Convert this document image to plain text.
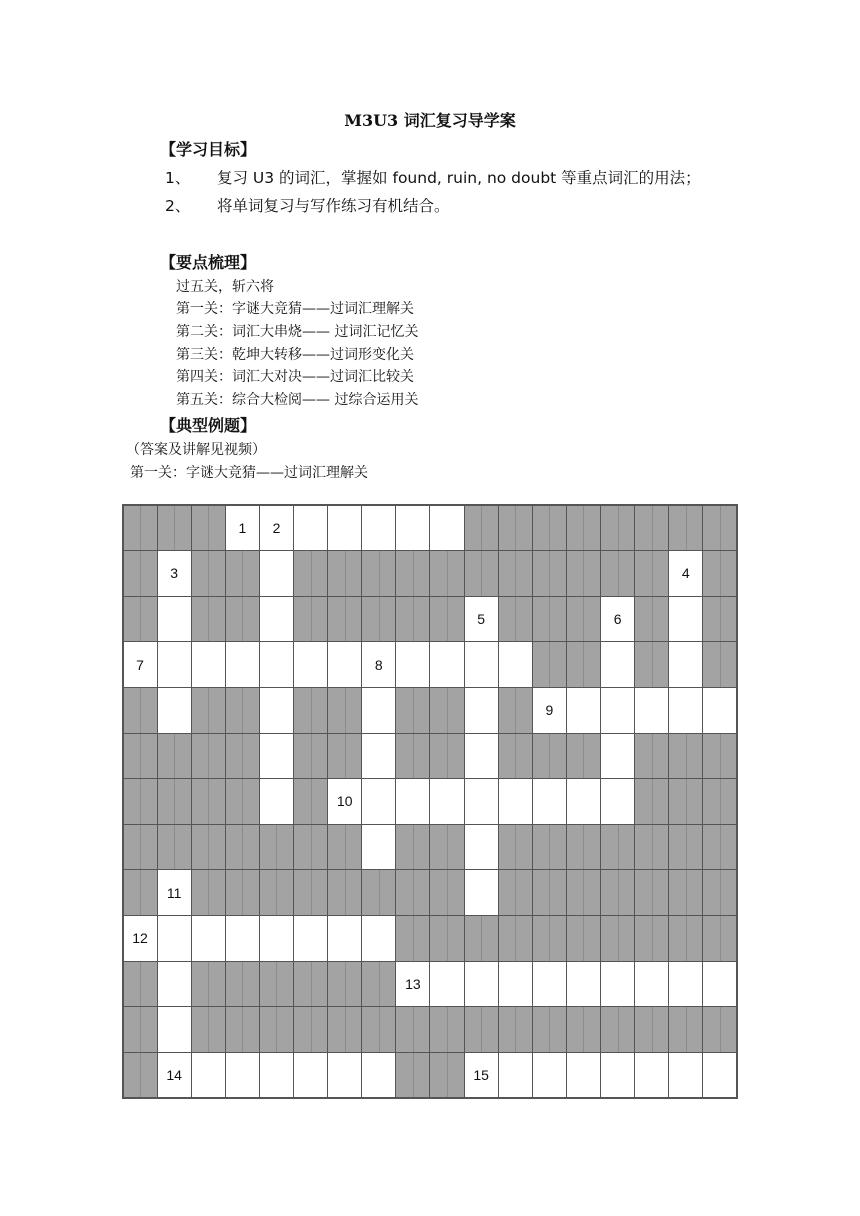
M3U3 词汇复习导学案
【学习目标】
1、 复习 U3 的词汇，掌握如 found, ruin, no doubt 等重点词汇的用法；
2、 将单词复习与写作练习有机结合。
【要点梳理】
过五关，斩六将
第一关：字谜大竞猜——过词汇理解关
第二关：词汇大串烧—— 过词汇记忆关
第三关：乾坤大转移——过词形变化关
第四关：词汇大对决——过词汇比较关
第五关：综合大检阅—— 过综合运用关
【典型例题】
（答案及讲解见视频）
第一关：字谜大竞猜——过词汇理解关
1 2
3	4
5	6
7	8
9
10
11
12
13
14	15
